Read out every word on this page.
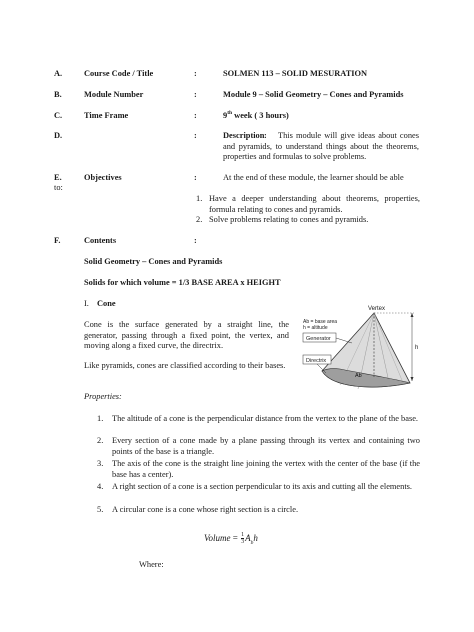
A.	Course Code / Title	:	SOLMEN 113 – SOLID MESURATION
B.	Module Number	:	Module 9 – Solid Geometry – Cones and Pyramids
C.	Time Frame	:	9th week ( 3 hours)
D.	:	Description :	This module will give ideas about cones and pyramids, to understand things about the theorems, properties and formulas to solve problems.
E.
to:
Objectives	:	At the end of these module, the learner should be able
1. Have a deeper understanding about theorems, properties, formula relating to cones and pyramids.
2. Solve problems relating to cones and pyramids.
F.	Contents	:
Solid Geometry – Cones and Pyramids
Solids for which volume = 1/3 BASE AREA x HEIGHT
I. Cone
Cone is the surface generated by a straight line, the generator, passing through a fixed point, the vertex, and moving along a fixed curve, the directrix.
Like pyramids, cones are classified according to their bases.
Properties:
1. The altitude of a cone is the perpendicular distance from the vertex to the plane of the base.
2. Every section of a cone made by a plane passing through its vertex and containing two points of the base is a triangle.
3. The axis of the cone is the straight line joining the vertex with the center of the base (if the base has a center).
4. A right section of a cone is a section perpendicular to its axis and cutting all the elements.
5. A circular cone is a cone whose right section is a circle.
Volume = $\frac{1}{3} A_bh$
Where:
h
Vertex
Ab = base area
h = altitude
Generator
Directrix
Ab
